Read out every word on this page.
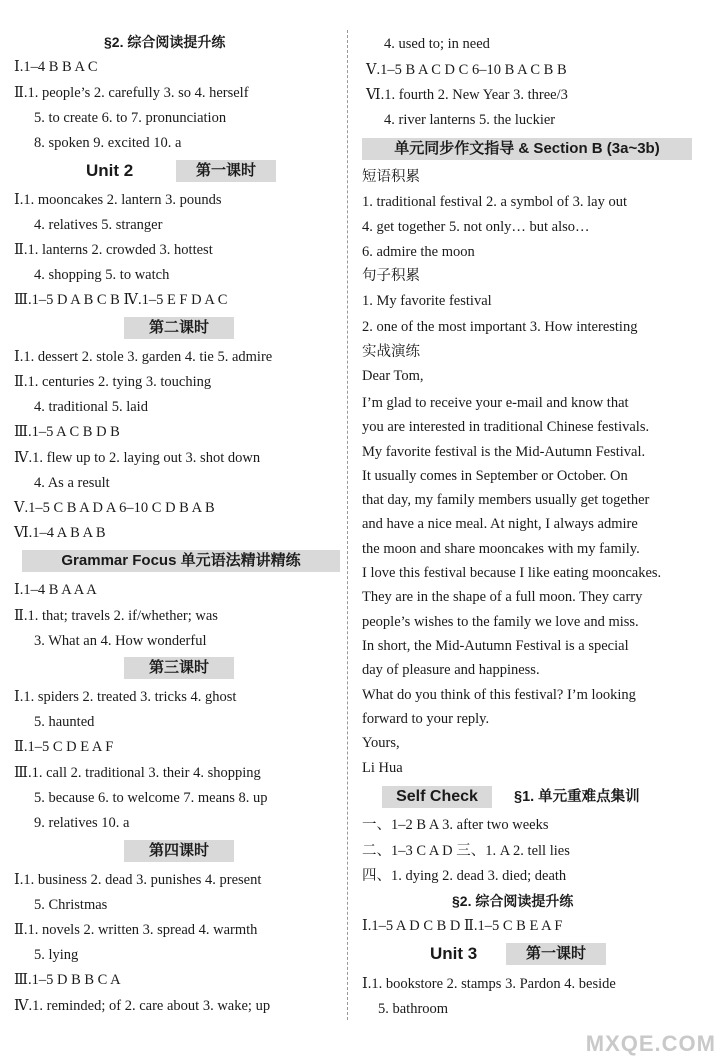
§2. 综合阅读提升练
Ⅰ.1–4 B B A C
Ⅱ.1. people’s 2. carefully 3. so 4. herself
5. to create 6. to 7. pronunciation
8. spoken 9. excited 10. a
Unit 2	第一课时
Ⅰ.1. mooncakes 2. lantern 3. pounds
4. relatives 5. stranger
Ⅱ.1. lanterns 2. crowded 3. hottest
4. shopping 5. to watch
Ⅲ.1–5 D A B C B Ⅳ.1–5 E F D A C
第二课时
Ⅰ.1. dessert 2. stole 3. garden 4. tie 5. admire
Ⅱ.1. centuries 2. tying 3. touching
4. traditional 5. laid
Ⅲ.1–5 A C B D B
Ⅳ.1. flew up to 2. laying out 3. shot down
4. As a result
Ⅴ.1–5 C B A D A 6–10 C D B A B
Ⅵ.1–4 A B A B
Grammar Focus 单元语法精讲精练
Ⅰ.1–4 B A A A
Ⅱ.1. that; travels 2. if/whether; was
3. What an 4. How wonderful
第三课时
Ⅰ.1. spiders 2. treated 3. tricks 4. ghost
5. haunted
Ⅱ.1–5 C D E A F
Ⅲ.1. call 2. traditional 3. their 4. shopping
5. because 6. to welcome 7. means 8. up
9. relatives 10. a
第四课时
Ⅰ.1. business 2. dead 3. punishes 4. present
5. Christmas
Ⅱ.1. novels 2. written 3. spread 4. warmth
5. lying
Ⅲ.1–5 D B B C A
Ⅳ.1. reminded; of 2. care about 3. wake; up
4. used to; in need
Ⅴ.1–5 B A C D C 6–10 B A C B B
Ⅵ.1. fourth 2. New Year 3. three/3
4. river lanterns 5. the luckier
单元同步作文指导 & Section B (3a~3b)
短语积累
1. traditional festival 2. a symbol of 3. lay out
4. get together 5. not only… but also…
6. admire the moon
句子积累
1. My favorite festival
2. one of the most important 3. How interesting
实战演练
Dear Tom,
I’m glad to receive your e-mail and know that
you are interested in traditional Chinese festivals.
My favorite festival is the Mid-Autumn Festival.
It usually comes in September or October. On
that day, my family members usually get together
and have a nice meal. At night, I always admire
the moon and share mooncakes with my family.
I love this festival because I like eating mooncakes.
They are in the shape of a full moon. They carry
people’s wishes to the family we love and miss.
In short, the Mid-Autumn Festival is a special
day of pleasure and happiness.
What do you think of this festival? I’m looking
forward to your reply.
Yours,
Li Hua
Self Check	§1. 单元重难点集训
一、1–2 B A 3. after two weeks
二、1–3 C A D 三、1. A 2. tell lies
四、1. dying 2. dead 3. died; death
§2. 综合阅读提升练
Ⅰ.1–5 A D C B D Ⅱ.1–5 C B E A F
Unit 3	第一课时
Ⅰ.1. bookstore 2. stamps 3. Pardon 4. beside
5. bathroom
MXQE.COM
